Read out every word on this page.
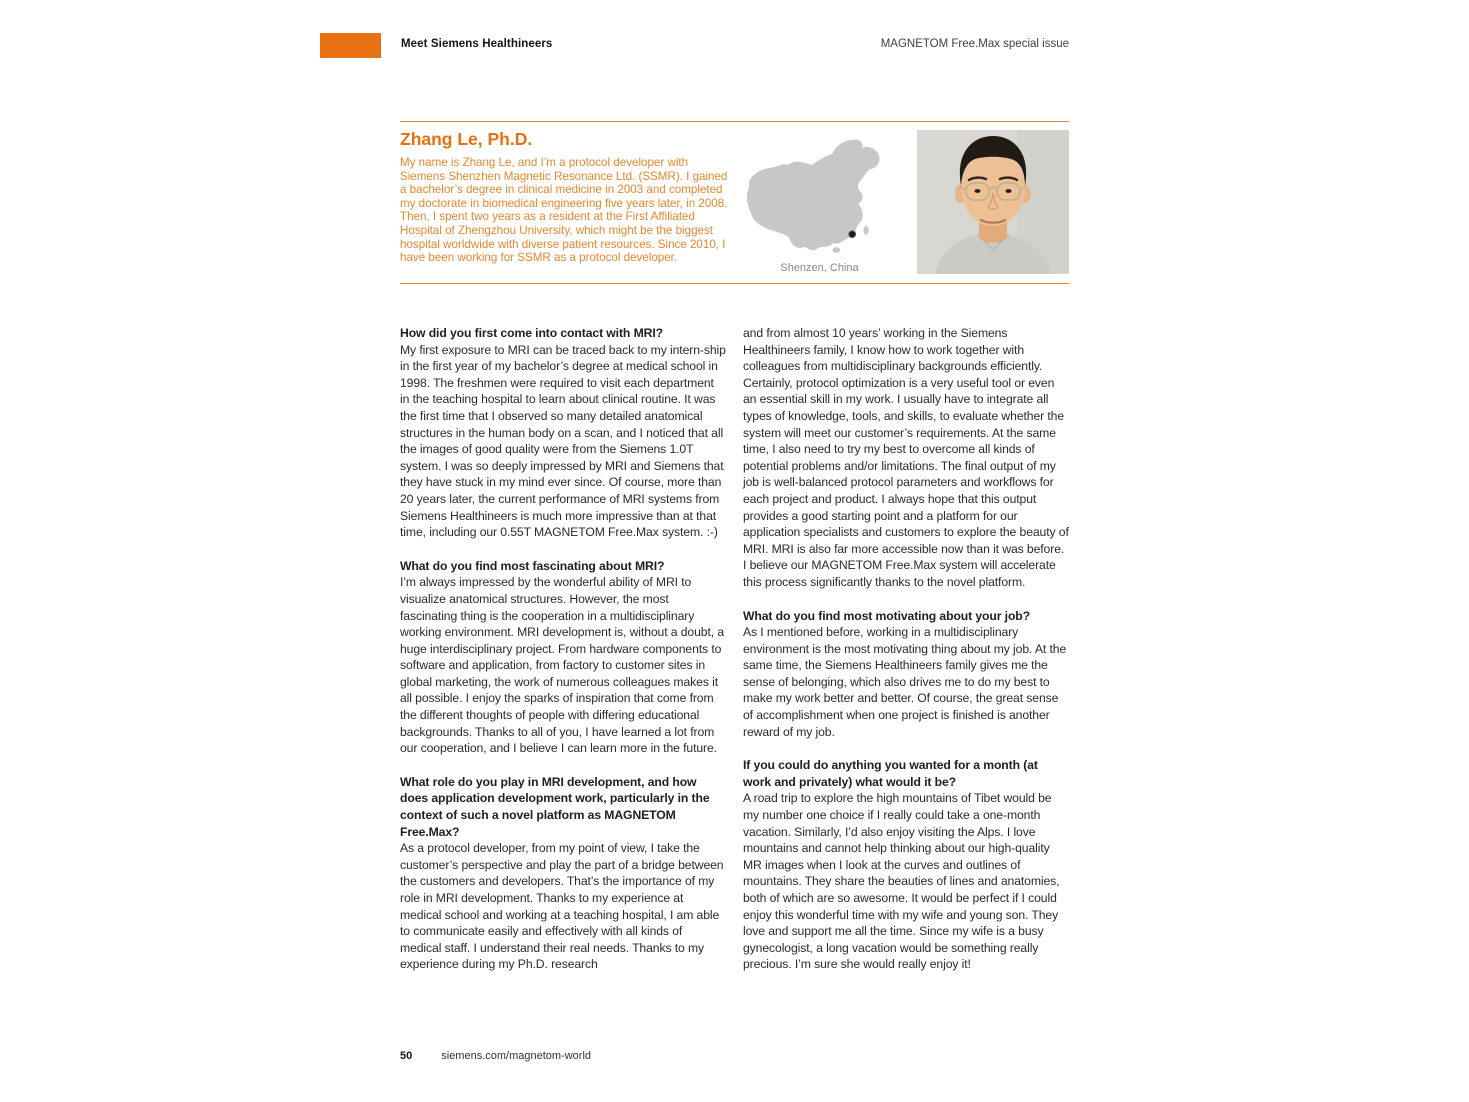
Meet Siemens Healthineers	MAGNETOM Free.Max special issue
Zhang Le, Ph.D.

My name is Zhang Le, and I’m a protocol developer with Siemens Shenzhen Magnetic Resonance Ltd. (SSMR). I gained a bachelor’s degree in clinical medicine in 2003 and completed my doctorate in biomedical engineering five years later, in 2008. Then, I spent two years as a resident at the First Affiliated Hospital of Zhengzhou University, which might be the biggest hospital worldwide with diverse patient resources. Since 2010, I have been working for SSMR as a protocol developer.

Shenzen, China

How did you first come into contact with MRI?

My first exposure to MRI can be traced back to my intern-ship in the first year of my bachelor’s degree at medical school in 1998. The freshmen were required to visit each department in the teaching hospital to learn about clinical routine. It was the first time that I observed so many detailed anatomical structures in the human body on a scan, and I noticed that all the images of good quality were from the Siemens 1.0T system. I was so deeply impressed by MRI and Siemens that they have stuck in my mind ever since. Of course, more than 20 years later, the current performance of MRI systems from Siemens Healthineers is much more impressive than at that time, including our 0.55T MAGNETOM Free.Max system. :-)

What do you find most fascinating about MRI?

I’m always impressed by the wonderful ability of MRI to visualize anatomical structures. However, the most fascinating thing is the cooperation in a multidisciplinary working environment. MRI development is, without a doubt, a huge interdisciplinary project. From hardware components to software and application, from factory to customer sites in global marketing, the work of numerous colleagues makes it all possible. I enjoy the sparks of inspiration that come from the different thoughts of people with differing educational backgrounds. Thanks to all of you, I have learned a lot from our cooperation, and I believe I can learn more in the future.

What role do you play in MRI development, and how does application development work, particularly in the context of such a novel platform as MAGNETOM Free.Max?

As a protocol developer, from my point of view, I take the customer’s perspective and play the part of a bridge between the customers and developers. That’s the importance of my role in MRI development. Thanks to my experience at medical school and working at a teaching hospital, I am able to communicate easily and effectively with all kinds of medical staff. I understand their real needs. Thanks to my experience during my Ph.D. research

and from almost 10 years’ working in the Siemens Healthineers family, I know how to work together with colleagues from multidisciplinary backgrounds efficiently. Certainly, protocol optimization is a very useful tool or even an essential skill in my work. I usually have to integrate all types of knowledge, tools, and skills, to evaluate whether the system will meet our customer’s requirements. At the same time, I also need to try my best to overcome all kinds of potential problems and/or limitations. The final output of my job is well-balanced protocol parameters and workflows for each project and product. I always hope that this output provides a good starting point and a platform for our application specialists and customers to explore the beauty of MRI. MRI is also far more accessible now than it was before. I believe our MAGNETOM Free.Max system will accelerate this process significantly thanks to the novel platform.

What do you find most motivating about your job?

As I mentioned before, working in a multidisciplinary environment is the most motivating thing about my job. At the same time, the Siemens Healthineers family gives me the sense of belonging, which also drives me to do my best to make my work better and better. Of course, the great sense of accomplishment when one project is finished is another reward of my job.

If you could do anything you wanted for a month (at work and privately) what would it be?

A road trip to explore the high mountains of Tibet would be my number one choice if I really could take a one-month vacation. Similarly, I’d also enjoy visiting the Alps. I love mountains and cannot help thinking about our high-quality MR images when I look at the curves and outlines of mountains. They share the beauties of lines and anatomies, both of which are so awesome. It would be perfect if I could enjoy this wonderful time with my wife and young son. They love and support me all the time. Since my wife is a busy gynecologist, a long vacation would be something really precious. I’m sure she would really enjoy it!

50	siemens.com/magnetom-world
